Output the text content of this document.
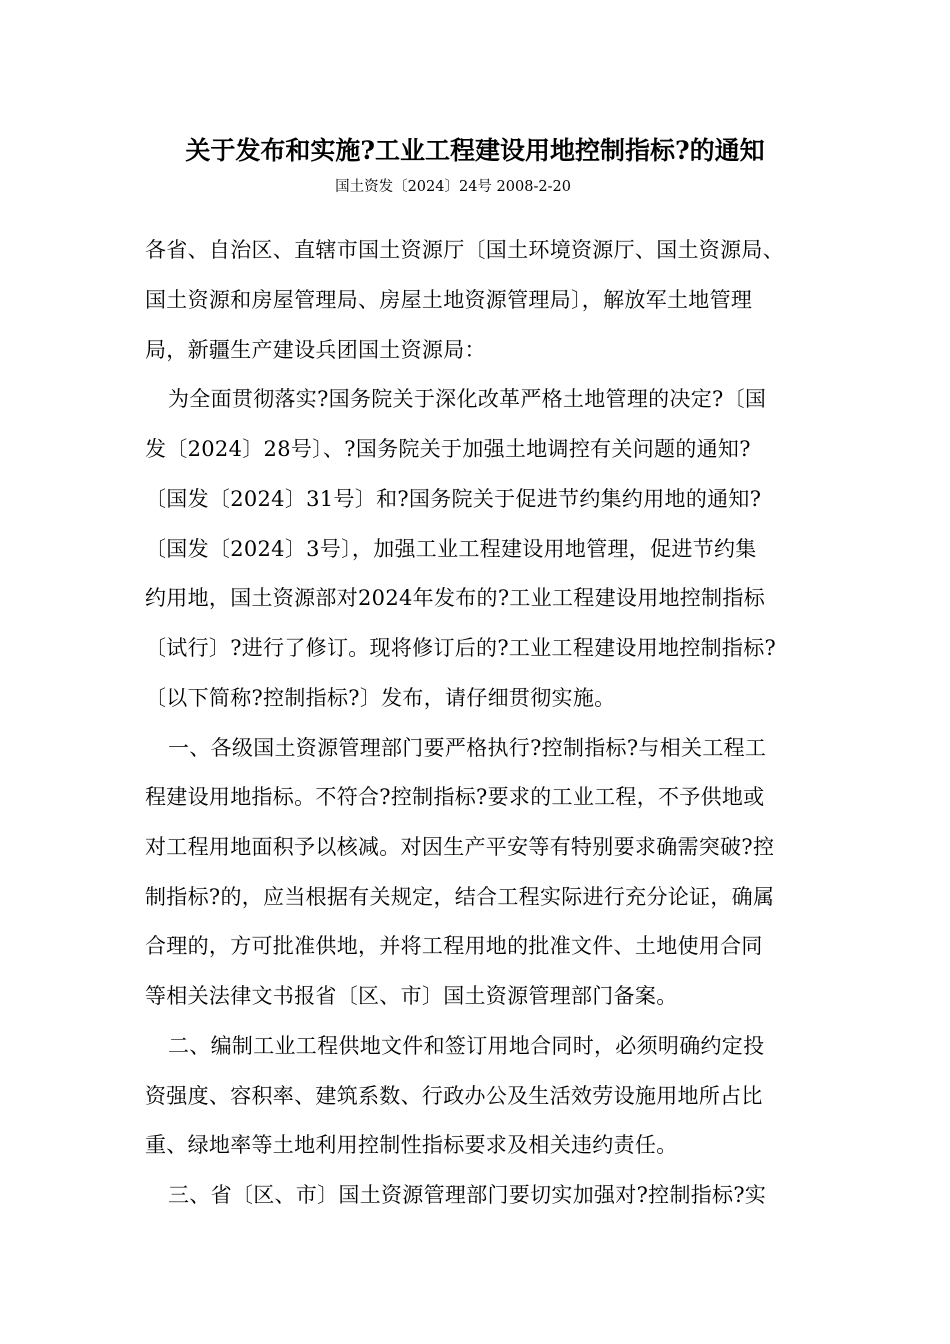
关于发布和实施?工业工程建设用地控制指标?的通知
国土资发〔2024〕24号 2008-2-20
各省、自治区、直辖市国土资源厅〔国土环境资源厅、国土资源局、
国土资源和房屋管理局、房屋土地资源管理局〕，解放军土地管理
局，新疆生产建设兵团国土资源局：
为全面贯彻落实?国务院关于深化改革严格土地管理的决定?〔国
发〔2024〕28号〕、?国务院关于加强土地调控有关问题的通知?
〔国发〔2024〕31号〕和?国务院关于促进节约集约用地的通知?
〔国发〔2024〕3号〕，加强工业工程建设用地管理，促进节约集
约用地，国土资源部对2024年发布的?工业工程建设用地控制指标
〔试行〕?进行了修订。现将修订后的?工业工程建设用地控制指标?
〔以下简称?控制指标?〕发布，请仔细贯彻实施。
一、各级国土资源管理部门要严格执行?控制指标?与相关工程工
程建设用地指标。不符合?控制指标?要求的工业工程，不予供地或
对工程用地面积予以核减。对因生产平安等有特别要求确需突破?控
制指标?的，应当根据有关规定，结合工程实际进行充分论证，确属
合理的，方可批准供地，并将工程用地的批准文件、土地使用合同
等相关法律文书报省〔区、市〕国土资源管理部门备案。
二、编制工业工程供地文件和签订用地合同时，必须明确约定投
资强度、容积率、建筑系数、行政办公及生活效劳设施用地所占比
重、绿地率等土地利用控制性指标要求及相关违约责任。
三、省〔区、市〕国土资源管理部门要切实加强对?控制指标?实
